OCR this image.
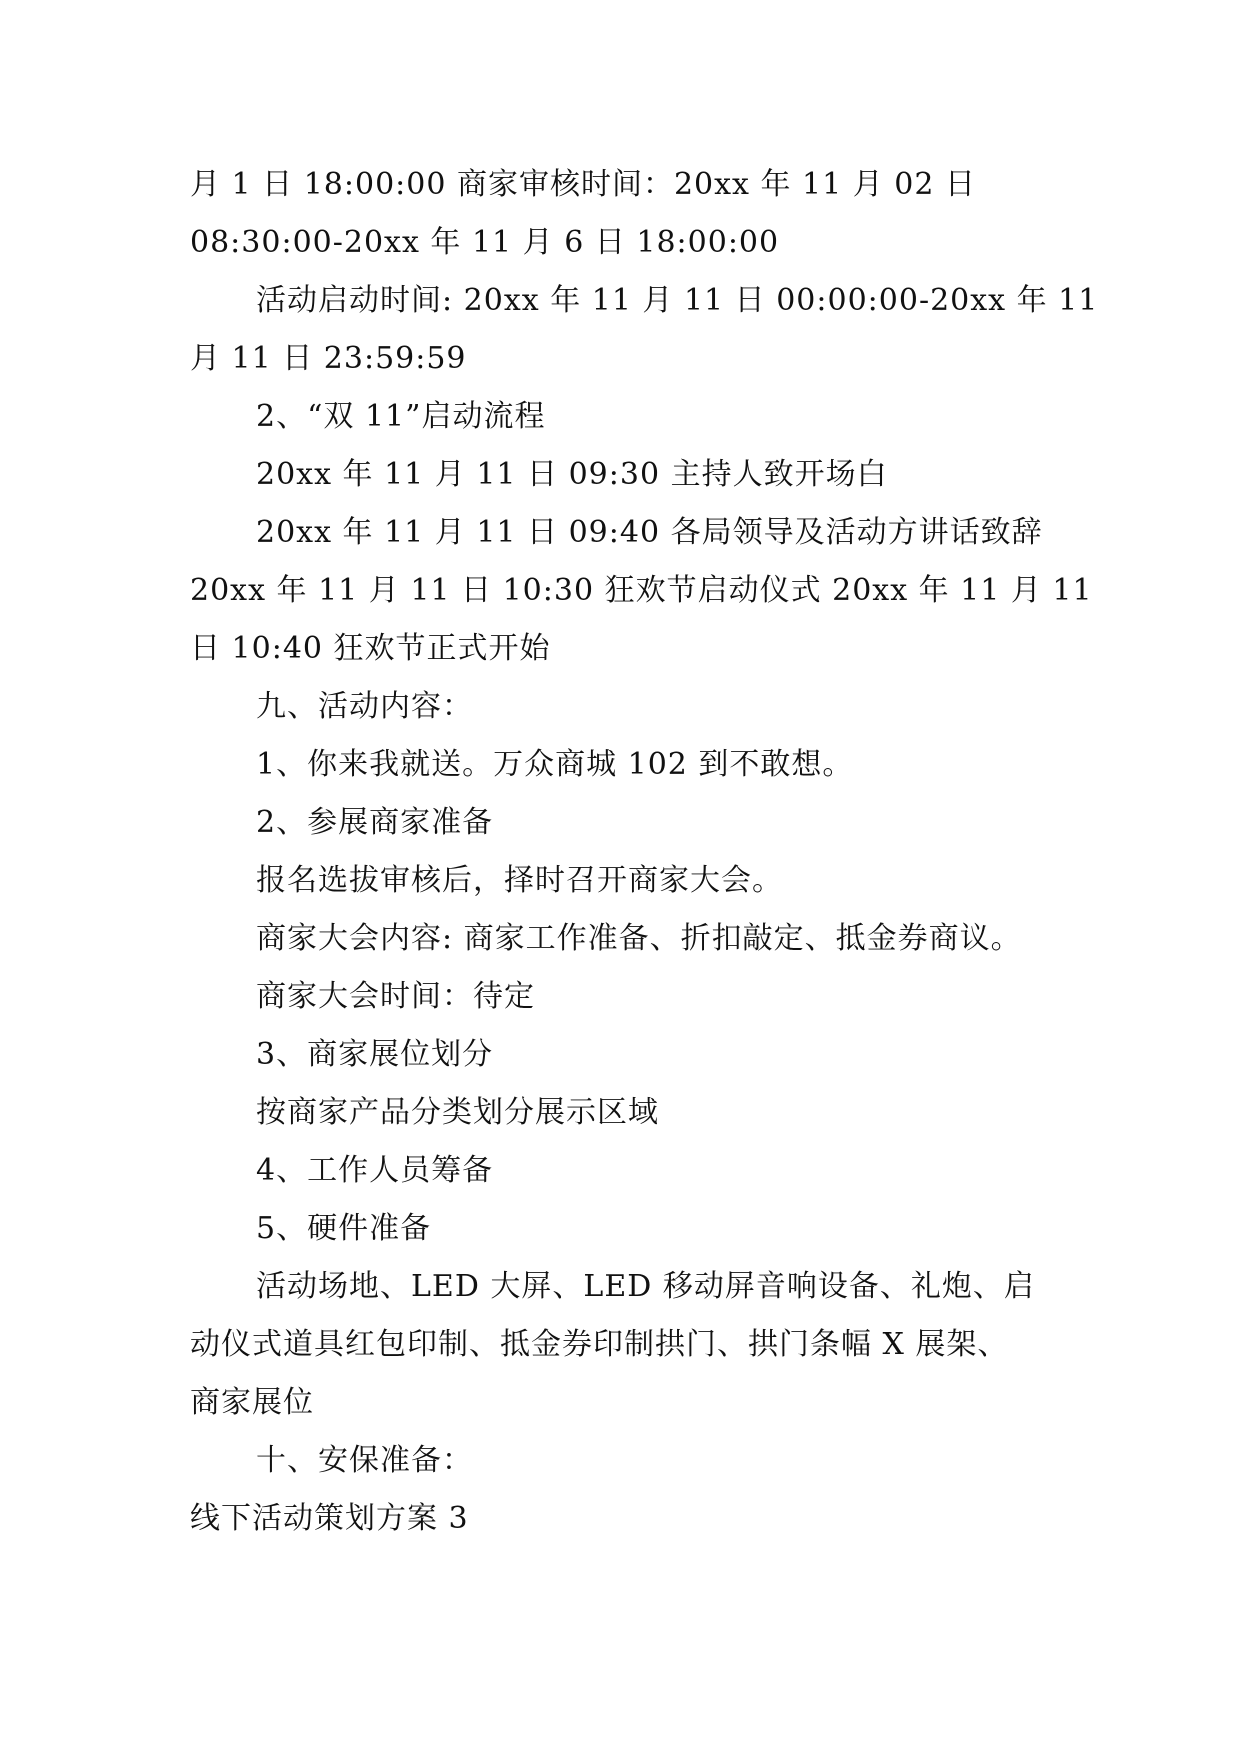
月 1 日 18:00:00 商家审核时间：20xx 年 11 月 02 日
08:30:00-20xx 年 11 月 6 日 18:00:00
活动启动时间: 20xx 年 11 月 11 日 00:00:00-20xx 年 11
月 11 日 23:59:59
2、“双 11”启动流程
20xx 年 11 月 11 日 09:30 主持人致开场白
20xx 年 11 月 11 日 09:40 各局领导及活动方讲话致辞
20xx 年 11 月 11 日 10:30 狂欢节启动仪式 20xx 年 11 月 11
日 10:40 狂欢节正式开始
九、活动内容：
1、你来我就送。万众商城 102 到不敢想。
2、参展商家准备
报名选拔审核后，择时召开商家大会。
商家大会内容: 商家工作准备、折扣敲定、抵金券商议。
商家大会时间：待定
3、商家展位划分
按商家产品分类划分展示区域
4、工作人员筹备
5、硬件准备
活动场地、LED 大屏、LED 移动屏音响设备、礼炮、启
动仪式道具红包印制、抵金券印制拱门、拱门条幅 X 展架、
商家展位
十、安保准备：
线下活动策划方案 3
